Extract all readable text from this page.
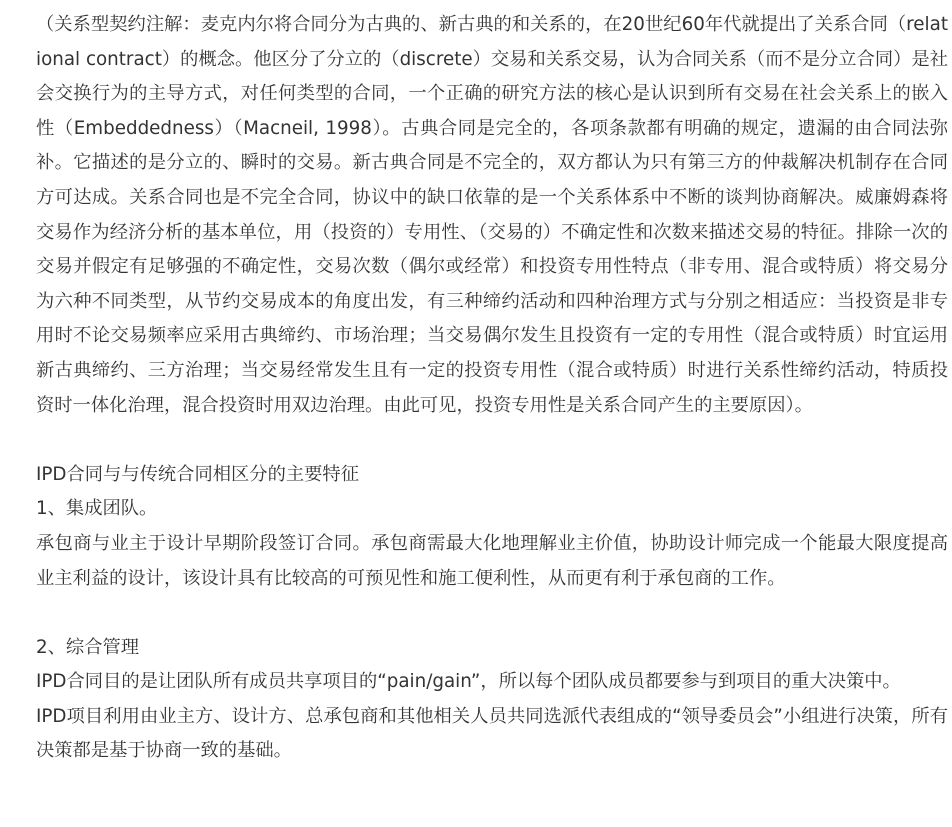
（关系型契约注解：麦克内尔将合同分为古典的、新古典的和关系的，在20世纪60年代就提出了关系合同（relational contract）的概念。他区分了分立的（discrete）交易和关系交易，认为合同关系（而不是分立合同）是社会交换行为的主导方式，对任何类型的合同，一个正确的研究方法的核心是认识到所有交易在社会关系上的嵌入性（Embeddedness）（Macneil, 1998）。古典合同是完全的，各项条款都有明确的规定，遗漏的由合同法弥补。它描述的是分立的、瞬时的交易。新古典合同是不完全的，双方都认为只有第三方的仲裁解决机制存在合同方可达成。关系合同也是不完全合同，协议中的缺口依靠的是一个关系体系中不断的谈判协商解决。威廉姆森将交易作为经济分析的基本单位，用（投资的）专用性、（交易的）不确定性和次数来描述交易的特征。排除一次的交易并假定有足够强的不确定性，交易次数（偶尔或经常）和投资专用性特点（非专用、混合或特质）将交易分为六种不同类型，从节约交易成本的角度出发，有三种缔约活动和四种治理方式与分别之相适应：当投资是非专用时不论交易频率应采用古典缔约、市场治理；当交易偶尔发生且投资有一定的专用性（混合或特质）时宜运用新古典缔约、三方治理；当交易经常发生且有一定的投资专用性（混合或特质）时进行关系性缔约活动，特质投资时一体化治理，混合投资时用双边治理。由此可见，投资专用性是关系合同产生的主要原因）。

IPD合同与与传统合同相区分的主要特征
1、集成团队。

承包商与业主于设计早期阶段签订合同。承包商需最大化地理解业主价值，协助设计师完成一个能最大限度提高业主利益的设计，该设计具有比较高的可预见性和施工便利性，从而更有利于承包商的工作。

2、综合管理

IPD合同目的是让团队所有成员共享项目的“pain/gain”，所以每个团队成员都要参与到项目的重大决策中。

IPD项目利用由业主方、设计方、总承包商和其他相关人员共同选派代表组成的“领导委员会”小组进行决策，所有决策都是基于协商一致的基础。
